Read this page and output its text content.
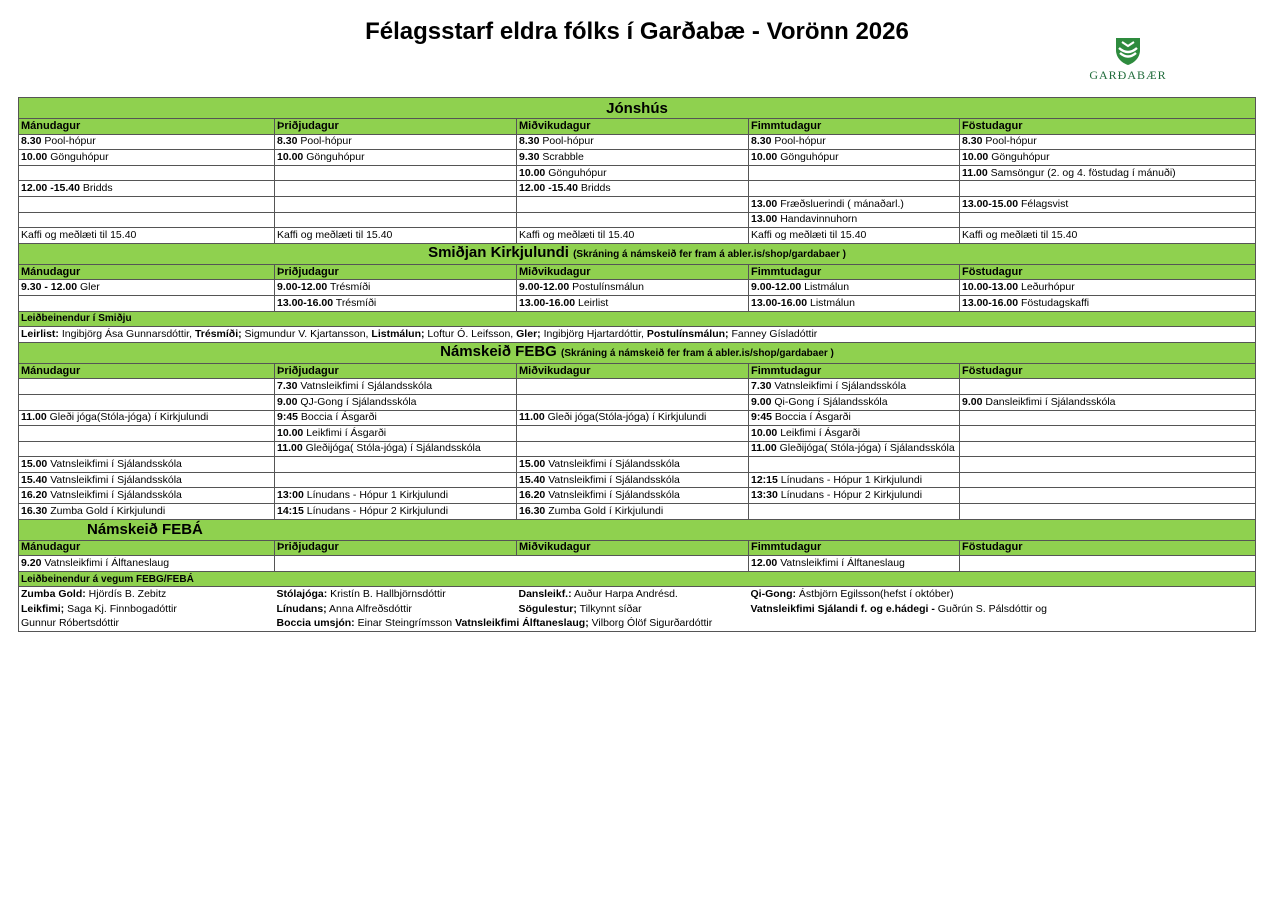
Félagsstarf eldra fólks í Garðabæ - Vorönn 2026
GARÐABÆR
Jónshús				
Mánudagur	Þriðjudagur	Miðvikudagur	Fimmtudagur	Föstudagur
8.30 Pool-hópur	8.30 Pool-hópur	8.30 Pool-hópur	8.30 Pool-hópur	8.30 Pool-hópur
10.00 Gönguhópur	10.00 Gönguhópur	9.30 Scrabble	10.00 Gönguhópur	10.00 Gönguhópur
		10.00 Gönguhópur		11.00 Samsöngur (2. og 4. föstudag í mánuði)
12.00 -15.40 Bridds		12.00 -15.40 Bridds		
			13.00 Fræðsluerindi ( mánaðarl.)	13.00-15.00 Félagsvist
			13.00 Handavinnuhorn	
Kaffi og meðlæti til 15.40	Kaffi og meðlæti til 15.40	Kaffi og meðlæti til 15.40	Kaffi og meðlæti til 15.40	Kaffi og meðlæti til 15.40
Smiðjan Kirkjulundi (Skráning á námskeið fer fram á abler.is/shop/gardabaer )				
Mánudagur	Þriðjudagur	Miðvikudagur	Fimmtudagur	Föstudagur
9.30 - 12.00 Gler	9.00-12.00 Trésmíði	9.00-12.00 Postulínsmálun	9.00-12.00 Listmálun	10.00-13.00 Leðurhópur
	13.00-16.00 Trésmíði	13.00-16.00 Leirlist	13.00-16.00 Listmálun	13.00-16.00 Föstudagskaffi
Leiðbeinendur í Smiðju				
Leirlist: Ingibjörg Ása Gunnarsdóttir, Trésmíði; Sigmundur V. Kjartansson, Listmálun; Loftur Ó. Leifsson, Gler; Ingibjörg Hjartardóttir, Postulínsmálun; Fanney Gísladóttir				
Námskeið FEBG (Skráning á námskeið fer fram á abler.is/shop/gardabaer )				
Mánudagur	Þriðjudagur	Miðvikudagur	Fimmtudagur	Föstudagur
	7.30 Vatnsleikfimi í Sjálandsskóla		7.30 Vatnsleikfimi í Sjálandsskóla	
	9.00 QJ-Gong í Sjálandsskóla		9.00 Qi-Gong í Sjálandsskóla	9.00 Dansleikfimi í Sjálandsskóla
11.00 Gleði jóga(Stóla-jóga) í Kirkjulundi	9:45 Boccia í Ásgarði	11.00 Gleði jóga(Stóla-jóga) í Kirkjulundi	9:45 Boccia í Ásgarði	
	10.00 Leikfimi í Ásgarði		10.00 Leikfimi í Ásgarði	
	11.00 Gleðijóga( Stóla-jóga) í Sjálandsskóla		11.00 Gleðijóga( Stóla-jóga) í Sjálandsskóla	
15.00 Vatnsleikfimi í Sjálandsskóla		15.00 Vatnsleikfimi í Sjálandsskóla		
15.40 Vatnsleikfimi í Sjálandsskóla		15.40 Vatnsleikfimi í Sjálandsskóla	12:15 Línudans - Hópur 1 Kirkjulundi	
16.20 Vatnsleikfimi í Sjálandsskóla	13:00 Línudans - Hópur 1 Kirkjulundi	16.20 Vatnsleikfimi í Sjálandsskóla	13:30 Línudans - Hópur 2 Kirkjulundi	
16.30 Zumba Gold í Kirkjulundi	14:15 Línudans - Hópur 2 Kirkjulundi	16.30 Zumba Gold í Kirkjulundi		
Námskeið FEBÁ				
Mánudagur	Þriðjudagur	Miðvikudagur	Fimmtudagur	Föstudagur
9.20 Vatnsleikfimi í Álftaneslaug			12.00 Vatnsleikfimi í Álftaneslaug	
Leiðbeinendur á vegum FEBG/FEBÁ				
Zumba Gold: Hjördís B. Zebitz	Stólajóga: Kristín B. Hallbjörnsdóttir	Dansleikf.: Auður Harpa Andrésd.	Qi-Gong: Ástbjörn Egilsson(hefst í október)	
Leikfimi; Saga Kj. Finnbogadóttir	Línudans; Anna Alfreðsdóttir	Sögulestur; Tilkynnt síðar	Vatnsleikfimi Sjálandi f. og e.hádegi - Guðrún S. Pálsdóttir og	
Gunnur Róbertsdóttir	Boccia umsjón: Einar Steingrímsson Vatnsleikfimi Álftaneslaug; Vilborg Ólöf Sigurðardóttir			
